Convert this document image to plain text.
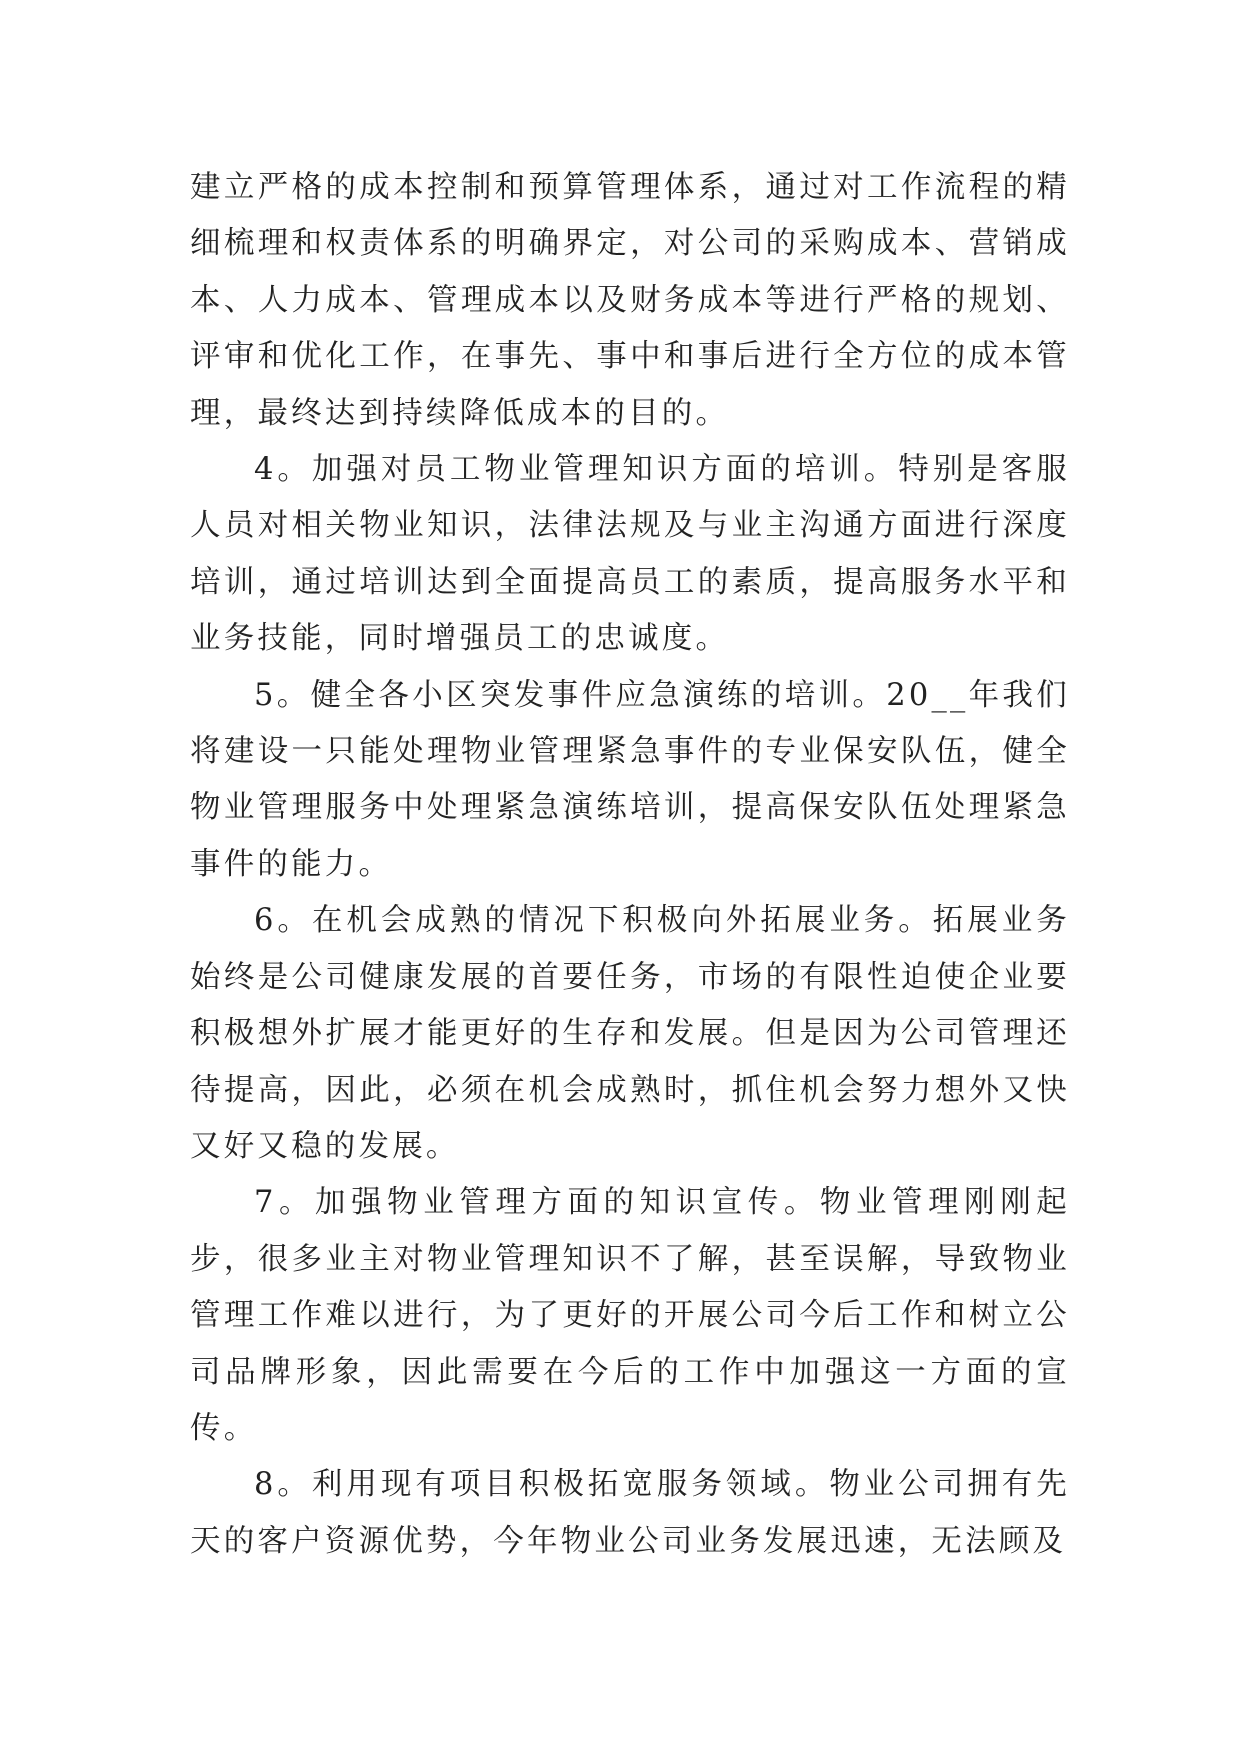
建立严格的成本控制和预算管理体系，通过对工作流程的精细梳理和权责体系的明确界定，对公司的采购成本、营销成本、人力成本、管理成本以及财务成本等进行严格的规划、评审和优化工作，在事先、事中和事后进行全方位的成本管理，最终达到持续降低成本的目的。

4。加强对员工物业管理知识方面的培训。特别是客服人员对相关物业知识，法律法规及与业主沟通方面进行深度培训，通过培训达到全面提高员工的素质，提高服务水平和业务技能，同时增强员工的忠诚度。

5。健全各小区突发事件应急演练的培训。20__年我们将建设一只能处理物业管理紧急事件的专业保安队伍，健全物业管理服务中处理紧急演练培训，提高保安队伍处理紧急事件的能力。

6。在机会成熟的情况下积极向外拓展业务。拓展业务始终是公司健康发展的首要任务，市场的有限性迫使企业要积极想外扩展才能更好的生存和发展。但是因为公司管理还待提高，因此，必须在机会成熟时，抓住机会努力想外又快又好又稳的发展。

7。加强物业管理方面的知识宣传。物业管理刚刚起步，很多业主对物业管理知识不了解，甚至误解，导致物业管理工作难以进行，为了更好的开展公司今后工作和树立公司品牌形象，因此需要在今后的工作中加强这一方面的宣传。

8。利用现有项目积极拓宽服务领域。物业公司拥有先天的客户资源优势，今年物业公司业务发展迅速，无法顾及
